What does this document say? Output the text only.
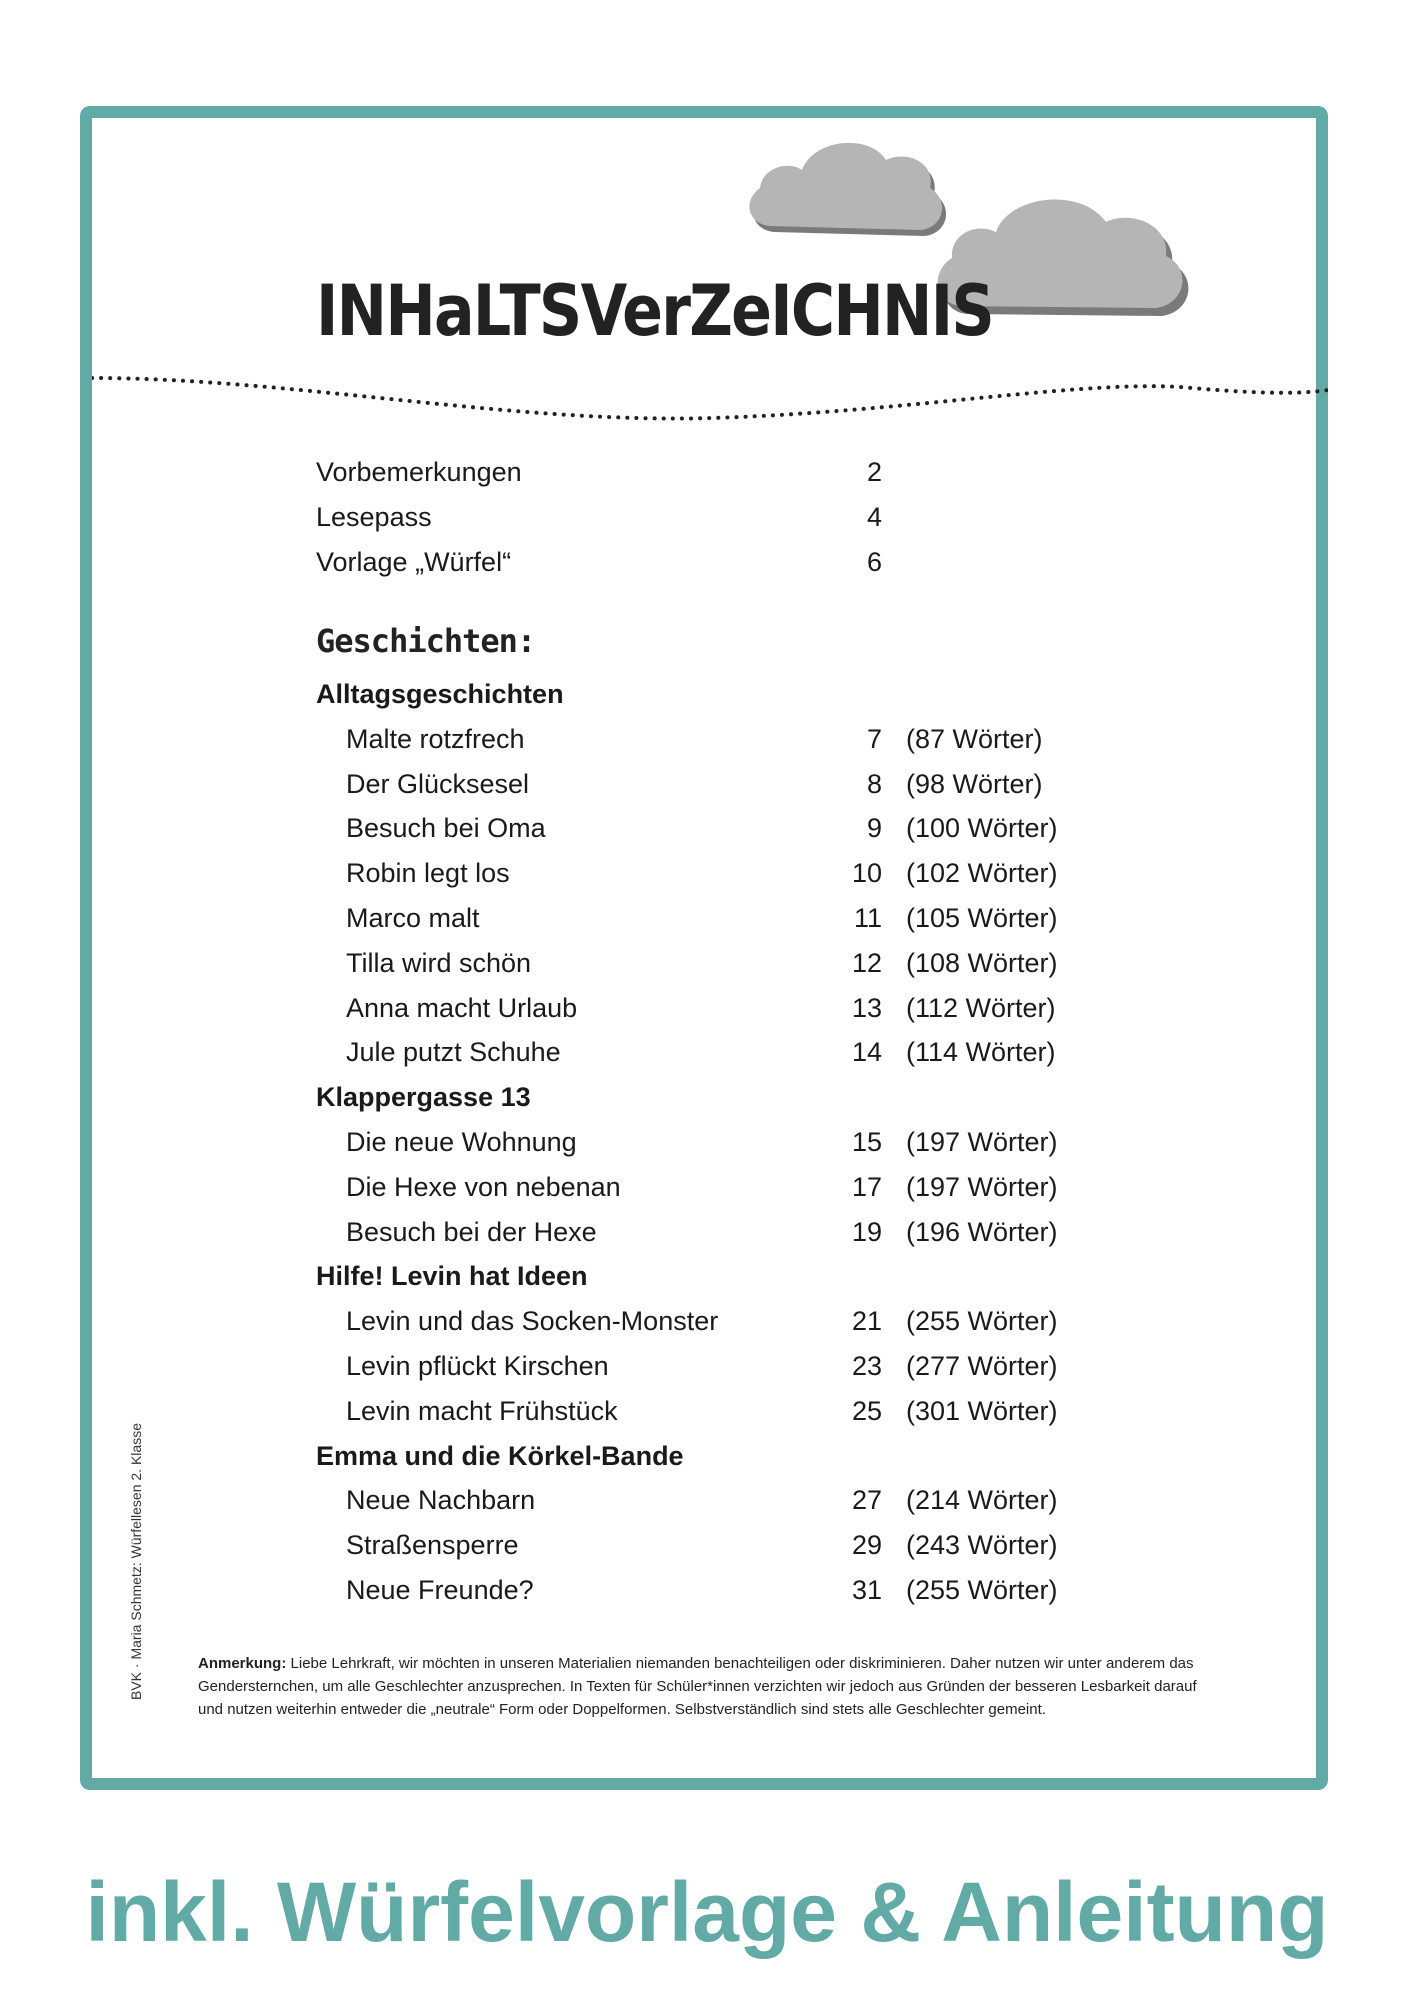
INHaLTSVerZeICHNIS
Vorbemerkungen	2
Lesepass	4
Vorlage „Würfel“	6
Alltagsgeschichten
Malte rotzfrech	7 (87 Wörter)
Der Glücksesel	8 (98 Wörter)
Besuch bei Oma	9 (100 Wörter)
Robin legt los	10 (102 Wörter)
Marco malt	11 (105 Wörter)
Tilla wird schön	12 (108 Wörter)
Anna macht Urlaub	13 (112 Wörter)
Jule putzt Schuhe	14 (114 Wörter)
Klappergasse 13
Die neue Wohnung	15 (197 Wörter)
Die Hexe von nebenan	17 (197 Wörter)
Besuch bei der Hexe	19 (196 Wörter)
Hilfe! Levin hat Ideen
Levin und das Socken-Monster	21 (255 Wörter)
Levin pflückt Kirschen	23 (277 Wörter)
Levin macht Frühstück	25 (301 Wörter)
Emma und die Körkel-Bande
Neue Nachbarn	27 (214 Wörter)
Straßensperre	29 (243 Wörter)
Neue Freunde?	31 (255 Wörter)
Geschichten:
BVK · Maria Schmetz: Würfellesen 2. Klasse	Anmerkung: Liebe Lehrkraft, wir möchten in unseren Materialien niemanden benachteiligen oder diskriminieren. Daher nutzen wir unter anderem das Gendersternchen, um alle Geschlechter anzusprechen. In Texten für Schüler*innen verzichten wir jedoch aus Gründen der besseren Lesbarkeit darauf und nutzen weiterhin entweder die „neutrale“ Form oder Doppelformen. Selbstverständlich sind stets alle Geschlechter gemeint.

inkl. Würfelvorlage & Anleitung
